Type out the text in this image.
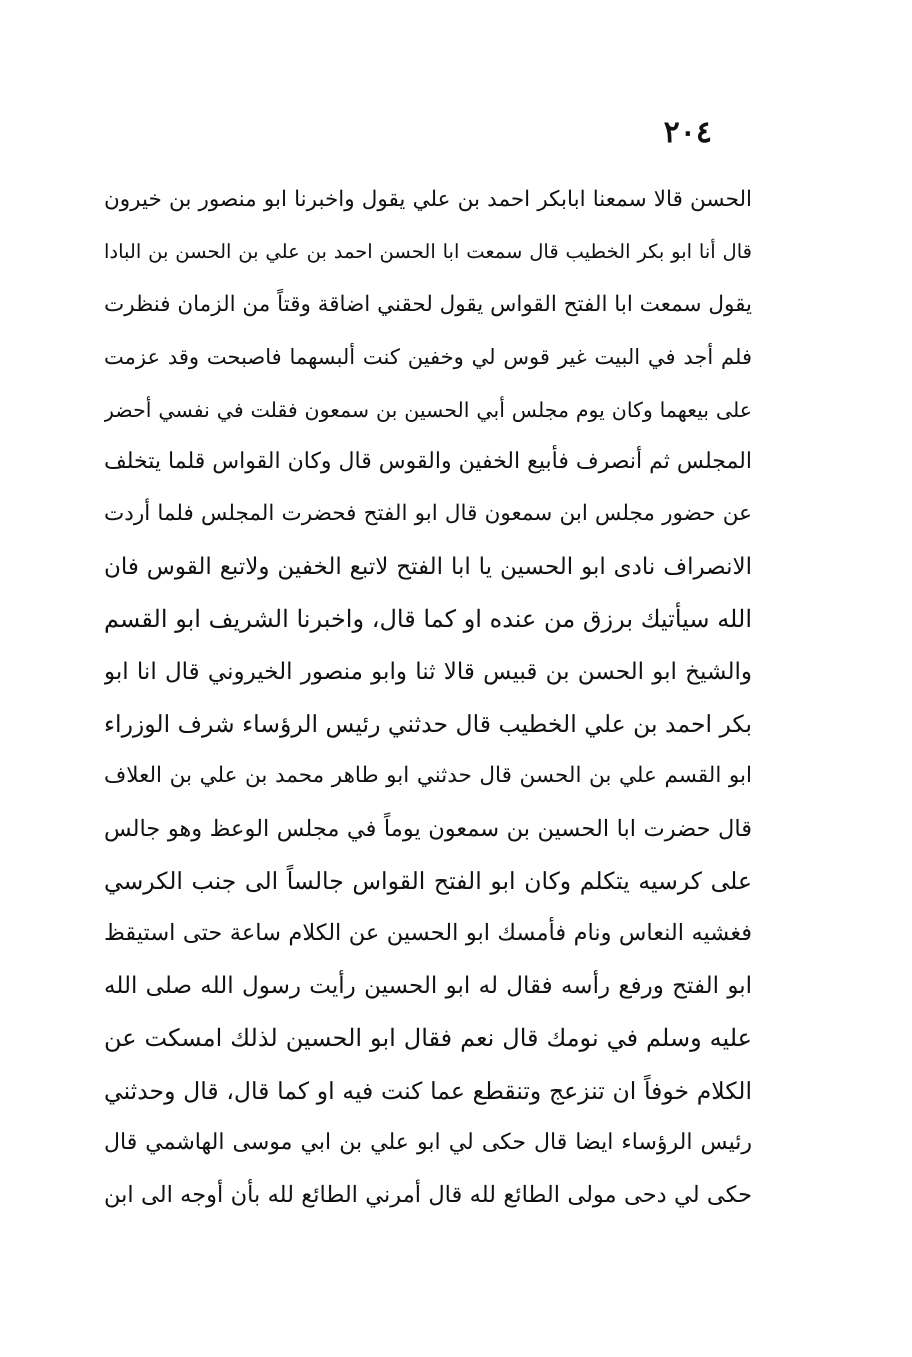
٢٠٤
الحسن قالا سمعنا ابابكر احمد بن علي يقول واخبرنا ابو منصور بن خيرون
قال أنا ابو بكر الخطيب قال سمعت ابا الحسن احمد بن علي بن الحسن بن البادا
يقول سمعت ابا الفتح القواس يقول لحقني اضاقة وقتاً من الزمان فنظرت
فلم أجد في البيت غير قوس لي وخفين كنت ألبسهما فاصبحت وقد عزمت
على بيعهما وكان يوم مجلس أبي الحسين بن سمعون فقلت في نفسي أحضر
المجلس ثم أنصرف فأبيع الخفين والقوس قال وكان القواس قلما يتخلف
عن حضور مجلس ابن سمعون قال ابو الفتح فحضرت المجلس فلما أردت
الانصراف نادى ابو الحسين يا ابا الفتح لاتبع الخفين ولاتبع القوس فان
الله سيأتيك برزق من عنده او كما قال، واخبرنا الشريف ابو القسم
والشيخ ابو الحسن بن قبيس قالا ثنا وابو منصور الخيروني قال انا ابو
بكر احمد بن علي الخطيب قال حدثني رئيس الرؤساء شرف الوزراء
ابو القسم علي بن الحسن قال حدثني ابو طاهر محمد بن علي بن العلاف
قال حضرت ابا الحسين بن سمعون يوماً في مجلس الوعظ وهو جالس
على كرسيه يتكلم وكان ابو الفتح القواس جالساً الى جنب الكرسي
فغشيه النعاس ونام فأمسك ابو الحسين عن الكلام ساعة حتى استيقظ
ابو الفتح ورفع رأسه فقال له ابو الحسين رأيت رسول الله صلى الله
عليه وسلم في نومك قال نعم فقال ابو الحسين لذلك امسكت عن
الكلام خوفاً ان تنزعج وتنقطع عما كنت فيه او كما قال، قال وحدثني
رئيس الرؤساء ايضا قال حكى لي ابو علي بن ابي موسى الهاشمي قال
حكى لي دحى مولى الطائع لله قال أمرني الطائع لله بأن أوجه الى ابن
